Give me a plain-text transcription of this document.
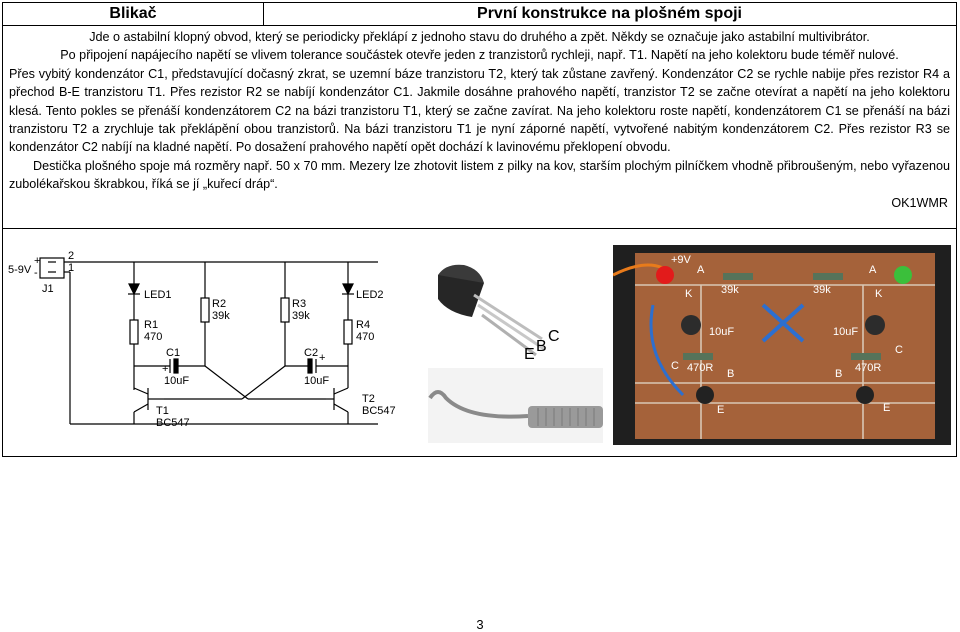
Blikač	První konstrukce na plošném spoji

Jde o astabilní klopný obvod, který se periodicky překlápí z jednoho stavu do druhého a zpět. Někdy se označuje jako astabilní multivibrátor.

Po připojení napájecího napětí se vlivem tolerance součástek otevře jeden z tranzistorů rychleji, např. T1. Napětí na jeho kolektoru bude téměř nulové.

Přes vybitý kondenzátor C1, představující dočasný zkrat, se uzemní báze tranzistoru T2, který tak zůstane zavřený. Kondenzátor C2 se rychle nabije přes rezistor R4 a přechod B-E tranzistoru T1. Přes rezistor R2 se nabíjí kondenzátor C1. Jakmile dosáhne prahového napětí, tranzistor T2 se začne otevírat a napětí na jeho kolektoru klesá. Tento pokles se přenáší kondenzátorem C2 na bázi tranzistoru T1, který se začne zavírat. Na jeho kolektoru roste napětí, kondenzátorem C1 se přenáší na bázi tranzistoru T2 a zrychluje tak překlápění obou tranzistorů. Na bázi tranzistoru T1 je nyní záporné napětí, vytvořené nabitým kondenzátorem C2. Přes rezistor R3 se kondenzátor C2 nabíjí na kladné napětí. Po dosažení prahového napětí opět dochází k lavinovému překlopení obvodu.

Destička plošného spoje má rozměry např. 50 x 70 mm. Mezery lze zhotovit listem z pilky na kov, starším plochým pilníčkem vhodně přibroušeným, nebo vyřazenou zubolékařskou škrabkou, říká se jí „kuřecí dráp“.

OK1WMR

5-9V
J1
+
-
2
1
LED1
R1
470
R2
39k
R3
39k
LED2
R4
470
C1
10uF
+
C2
10uF
+
T1
BC547
T2
BC547
E B
C
+9V
A	A
K	K
39k	39k
10uF	10uF
470R	470R
B	B
C
C
E	E
3
